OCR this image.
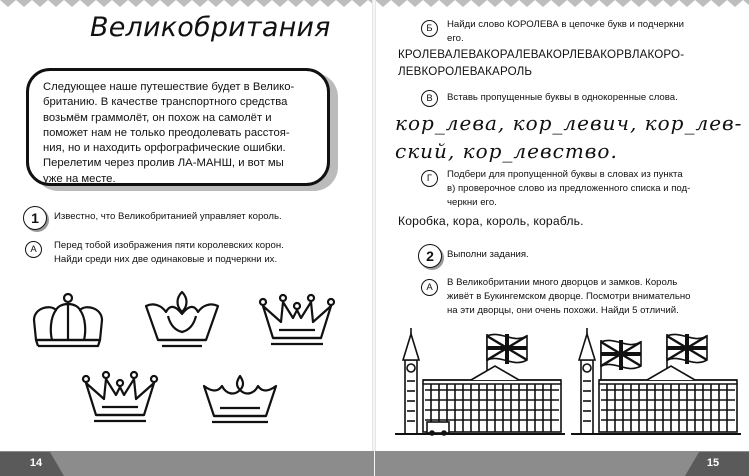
Великобритания
Следующее наше путешествие будет в Велико-
британию. В качестве транспортного средства
возьмём граммолёт, он похож на самолёт и
поможет нам не только преодолевать расстоя-
ния, но и находить орфографические ошибки.
Перелетим через пролив ЛА-МАНШ, и вот мы
уже на месте.
1	Известно, что Великобританией управляет король.
А	Перед тобой изображения пяти королевских корон.
Найди среди них две одинаковые и подчеркни их.
14
Б	Найди слово КОРОЛЕВА в цепочке букв и подчеркни
его.
КРОЛЕВАЛЕВАКОРАЛЕВАКОРЛЕВАКОРВЛАКОРО-
ЛЕВКОРОЛЕВАКАРОЛЬ
В	Вставь пропущенные буквы в однокоренные слова.
кор_лева, кор_левич, кор_лев-
ский, кор_левство.
Г	Подбери для пропущенной буквы в словах из пункта
в) проверочное слово из предложенного списка и под-
черкни его.
Коробка, кора, король, корабль.
2	Выполни задания.
А	В Великобритании много дворцов и замков. Король
живёт в Букингемском дворце. Посмотри внимательно
на эти дворцы, они очень похожи. Найди 5 отличий.
15
